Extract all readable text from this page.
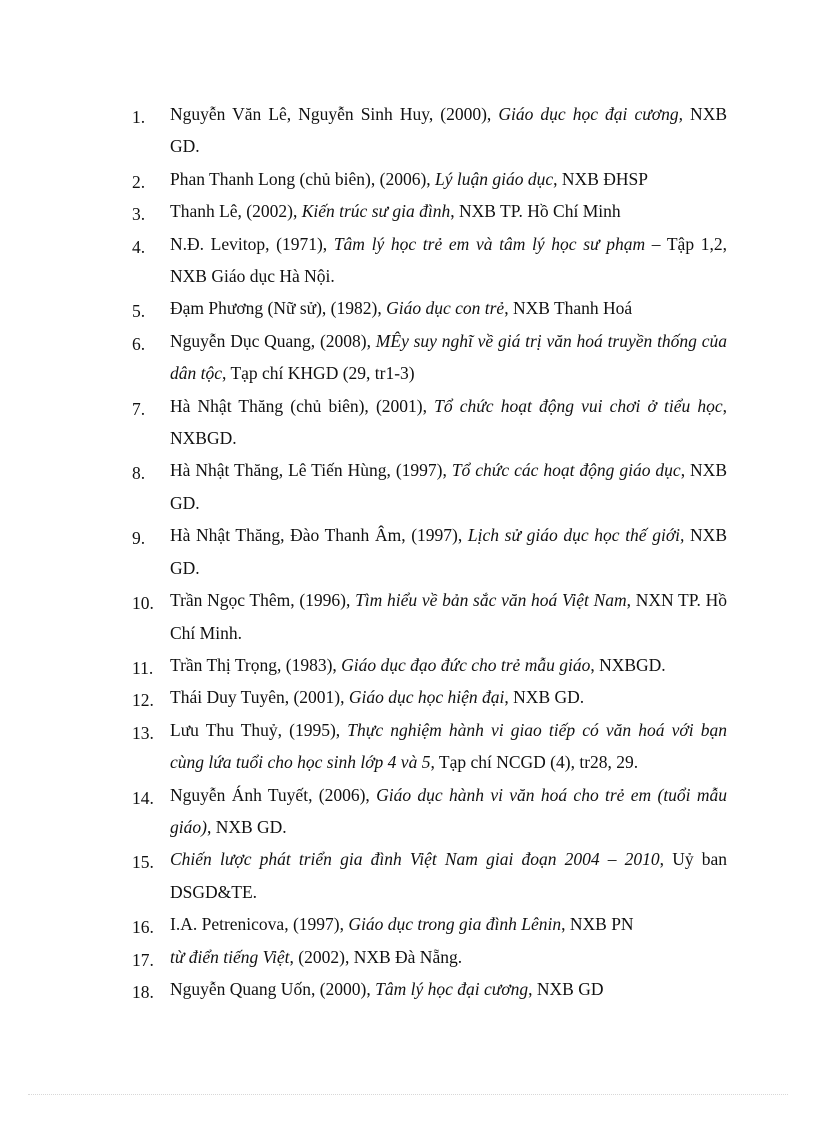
1.	Nguyễn Văn Lê, Nguyễn Sinh Huy, (2000), Giáo dục học đại cương, NXB GD.
2.	Phan Thanh Long (chủ biên), (2006), Lý luận giáo dục, NXB ĐHSP
3.	Thanh Lê, (2002), Kiến trúc sư gia đình, NXB TP. Hồ Chí Minh
4.	N.Đ. Levitop, (1971), Tâm lý học trẻ em và tâm lý học sư phạm – Tập 1,2, NXB Giáo dục Hà Nội.
5.	Đạm Phương (Nữ sử), (1982), Giáo dục con trẻ, NXB Thanh Hoá
6.	Nguyễn Dục Quang, (2008), MÊy suy nghĩ về giá trị văn hoá truyền thống của dân tộc, Tạp chí KHGD (29, tr1-3)
7.	Hà Nhật Thăng (chủ biên), (2001), Tổ chức hoạt động vui chơi ở tiểu học, NXBGD.
8.	Hà Nhật Thăng, Lê Tiến Hùng, (1997), Tổ chức các hoạt động giáo dục, NXB GD.
9.	Hà Nhật Thăng, Đào Thanh Âm, (1997), Lịch sử giáo dục học thế giới, NXB GD.
10. Trần Ngọc Thêm, (1996), Tìm hiểu về bản sắc văn hoá Việt Nam, NXN TP. Hồ Chí Minh.
11. Trần Thị Trọng, (1983), Giáo dục đạo đức cho trẻ mẫu giáo, NXBGD.
12. Thái Duy Tuyên, (2001), Giáo dục học hiện đại, NXB GD.
13. Lưu Thu Thuỷ, (1995), Thực nghiệm hành vi giao tiếp có văn hoá với bạn cùng lứa tuổi cho học sinh lớp 4 và 5, Tạp chí NCGD (4), tr28, 29.
14. Nguyễn Ánh Tuyết, (2006), Giáo dục hành vi văn hoá cho trẻ em (tuổi mẫu giáo), NXB GD.
15. Chiến lược phát triển gia đình Việt Nam giai đoạn 2004 – 2010, Uỷ ban DSGD&TE.
16. I.A. Petrenicova, (1997), Giáo dục trong gia đình Lênin, NXB PN
17. từ điển tiếng Việt, (2002), NXB Đà Nẵng.
18. Nguyễn Quang Uốn, (2000), Tâm lý học đại cương, NXB GD
